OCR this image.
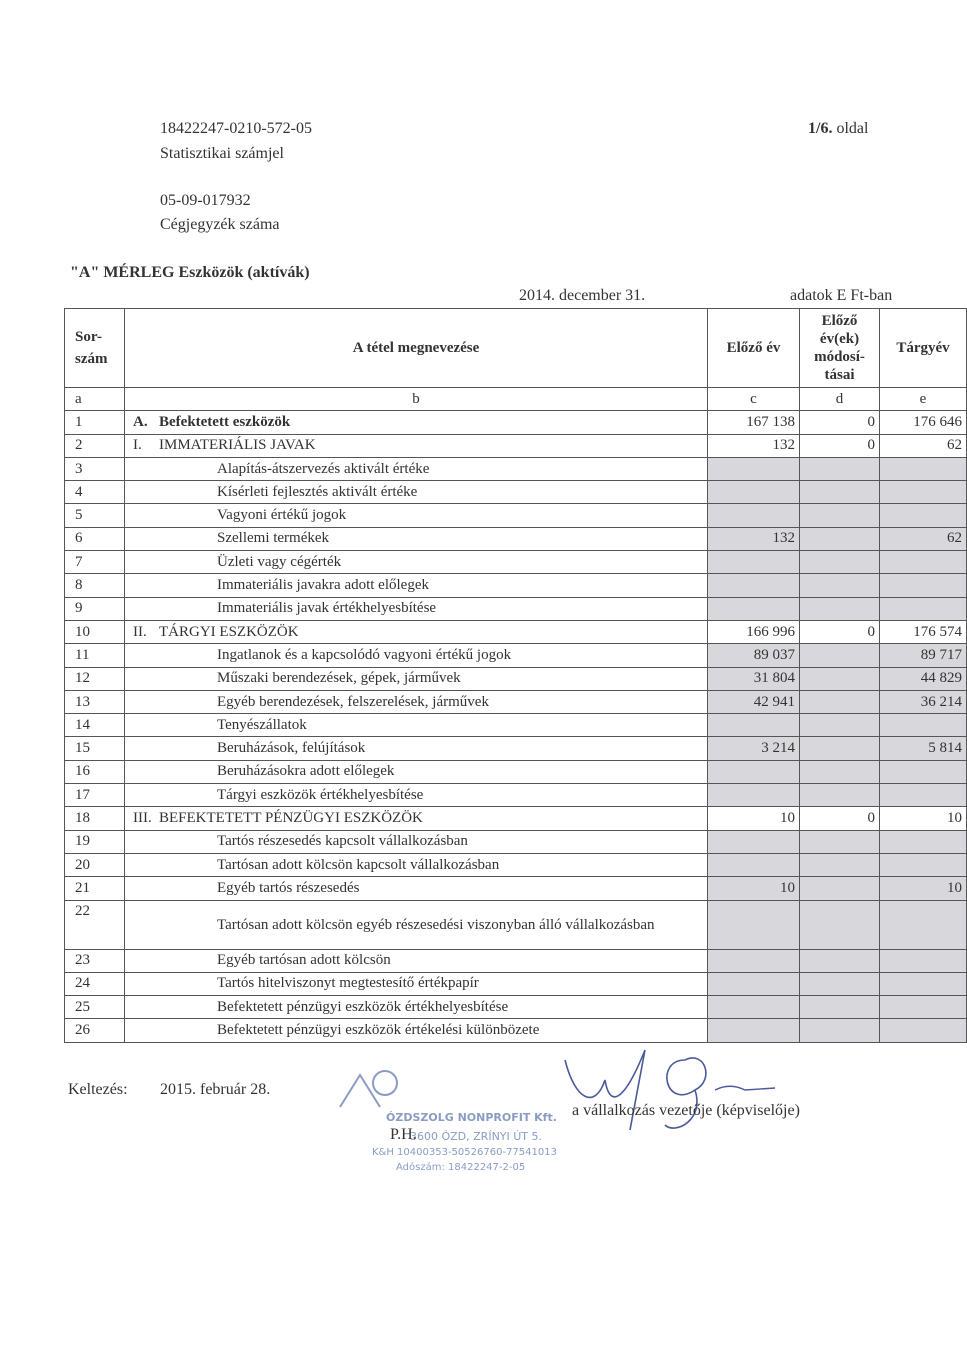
18422247-0210-572-05
Statisztikai számjel
1/6. oldal
05-09-017932
Cégjegyzék száma
"A" MÉRLEG Eszközök (aktívák)
2014. december 31.	adatok E Ft-ban
Sor-szám	A tétel megnevezése	Előző év	Előző év(ek) módosí-tásai	Tárgyév
a	b	c	d	e
1	A. Befektetett eszközök	167 138	0	176 646
2	I. IMMATERIÁLIS JAVAK	132	0	62
3	Alapítás-átszervezés aktivált értéke			
4	Kísérleti fejlesztés aktivált értéke			
5	Vagyoni értékű jogok			
6	Szellemi termékek	132		62
7	Üzleti vagy cégérték			
8	Immateriális javakra adott előlegek			
9	Immateriális javak értékhelyesbítése			
10	II. TÁRGYI ESZKÖZÖK	166 996	0	176 574
11	Ingatlanok és a kapcsolódó vagyoni értékű jogok	89 037		89 717
12	Műszaki berendezések, gépek, járművek	31 804		44 829
13	Egyéb berendezések, felszerelések, járművek	42 941		36 214
14	Tenyészállatok			
15	Beruházások, felújítások	3 214		5 814
16	Beruházásokra adott előlegek			
17	Tárgyi eszközök értékhelyesbítése			
18	III. BEFEKTETETT PÉNZÜGYI ESZKÖZÖK	10	0	10
19	Tartós részesedés kapcsolt vállalkozásban			
20	Tartósan adott kölcsön kapcsolt vállalkozásban			
21	Egyéb tartós részesedés	10		10
22	Tartósan adott kölcsön egyéb részesedési viszonyban álló vállalkozásban			
23	Egyéb tartósan adott kölcsön			
24	Tartós hitelviszonyt megtestesítő értékpapír			
25	Befektetett pénzügyi eszközök értékhelyesbítése			
26	Befektetett pénzügyi eszközök értékelési különbözete			
Keltezés: 2015. február 28.
ÓZDSZOLG NONPROFIT Kft.
3600 ÓZD, ZRÍNYI ÚT 5.
K&H 10400353-50526760-77541013
Adószám: 18422247-2-05
P.H.
a vállalkozás vezetője (képviselője)
